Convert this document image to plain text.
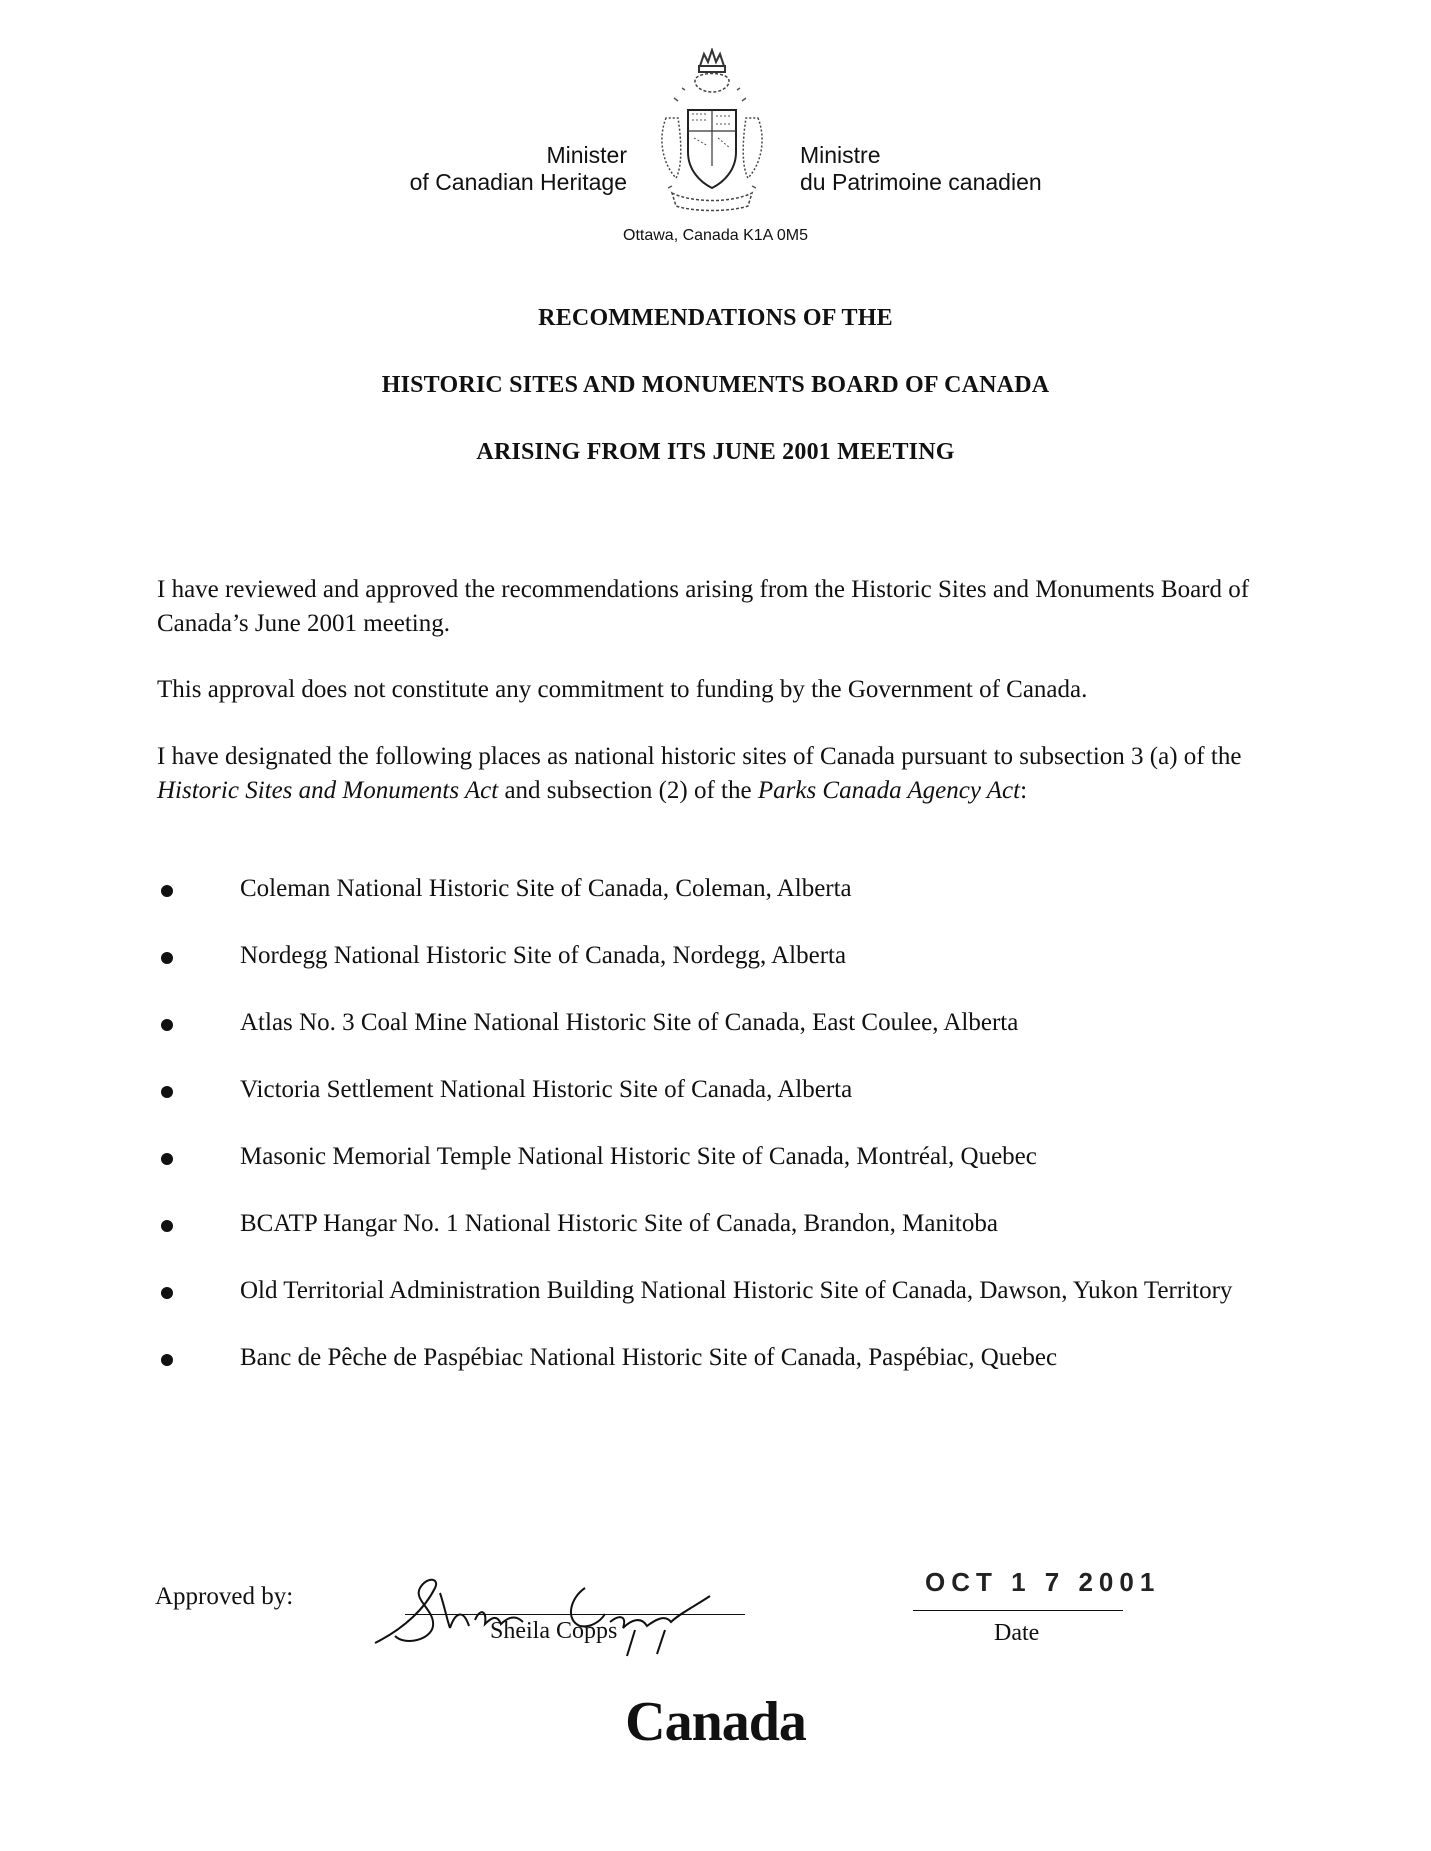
Minister
of Canadian Heritage
Ministre
du Patrimoine canadien
Ottawa, Canada K1A 0M5
RECOMMENDATIONS OF THE
HISTORIC SITES AND MONUMENTS BOARD OF CANADA
ARISING FROM ITS JUNE 2001 MEETING
I have reviewed and approved the recommendations arising from the Historic Sites and Monuments Board of Canada’s June 2001 meeting.
This approval does not constitute any commitment to funding by the Government of Canada.
I have designated the following places as national historic sites of Canada pursuant to subsection 3 (a) of the Historic Sites and Monuments Act and subsection (2) of the Parks Canada Agency Act:
Coleman National Historic Site of Canada, Coleman, Alberta
Nordegg National Historic Site of Canada, Nordegg, Alberta
Atlas No. 3 Coal Mine National Historic Site of Canada, East Coulee, Alberta
Victoria Settlement National Historic Site of Canada, Alberta
Masonic Memorial Temple National Historic Site of Canada, Montréal, Quebec
BCATP Hangar No. 1 National Historic Site of Canada, Brandon, Manitoba
Old Territorial Administration Building National Historic Site of Canada, Dawson, Yukon Territory
Banc de Pêche de Paspébiac National Historic Site of Canada, Paspébiac, Quebec
Approved by:
Sheila Copps
OCT 1 7 2001
Date
Canada
